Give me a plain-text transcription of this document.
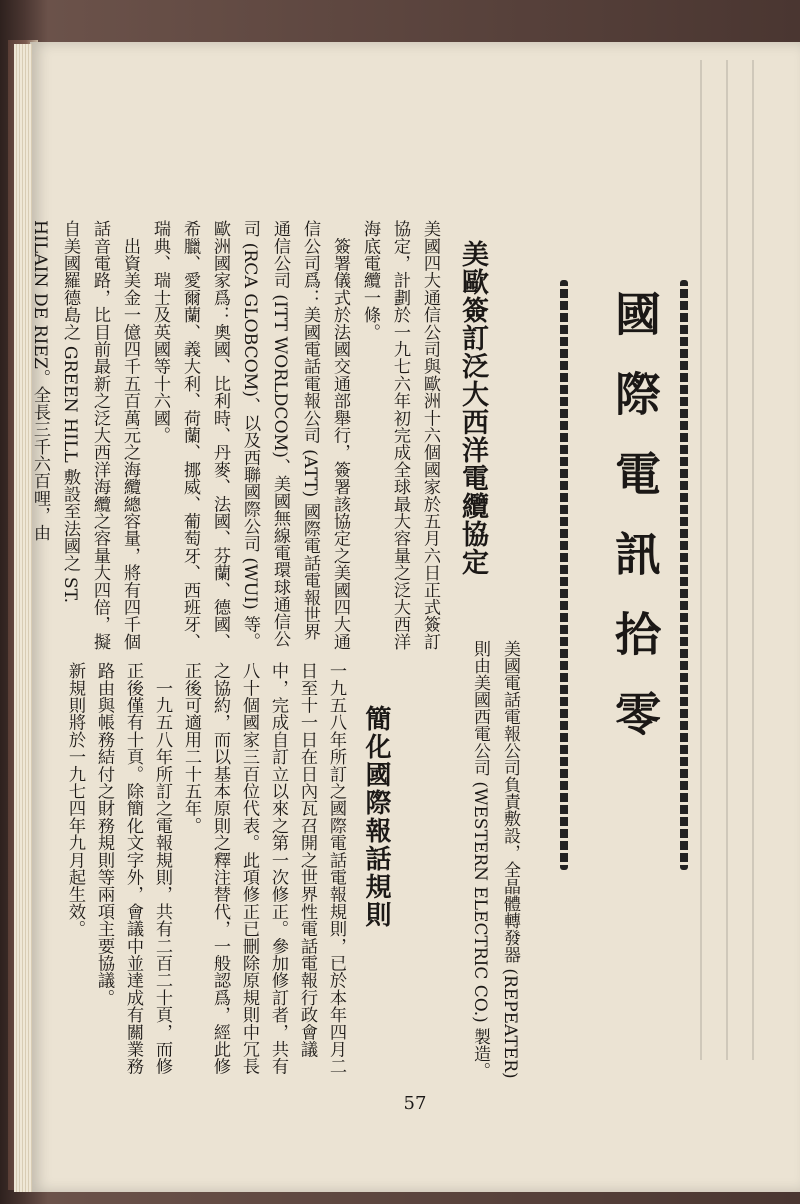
國際電訊拾零
美歐簽訂泛大西洋電纜協定
美國四大通信公司與歐洲十六個國家於五月六日正式簽訂協定，計劃於一九七六年初完成全球最大容量之泛大西洋海底電纜一條。
　簽署儀式於法國交通部舉行，簽署該協定之美國四大通信公司爲：美國電話電報公司 (ATT) 國際電話電報世界通信公司 (ITT WORLDCOM)、美國無線電環球通信公司 (RCA GLOBCOM)、以及西聯國際公司 (WUI) 等。歐洲國家爲：奧國、比利時、丹麥、法國、芬蘭、德國、希臘、愛爾蘭、義大利、荷蘭、挪威、葡萄牙、西班牙、瑞典、瑞士及英國等十六國。
　出資美金一億四千五百萬元之海纜總容量，將有四千個話音電路，比目前最新之泛大西洋海纜之容量大四倍，擬自美國羅德島之 GREEN HILL 敷設至法國之 ST. HILAIN DE RIEZ。全長三千六百哩，由
美國電話電報公司負責敷設，全晶體轉發器 (REPEATER) 則由美國西電公司 (WESTERN ELECTRIC CO.) 製造。
簡化國際報話規則
一九五八年所訂之國際電話電報規則，已於本年四月二日至十一日在日內瓦召開之世界性電話電報行政會議中，完成自訂立以來之第一次修正。參加修訂者，共有八十個國家三百位代表。此項修正已刪除原規則中冗長之協約，而以基本原則之釋注替代，一般認爲，經此修正後可適用二十五年。
　一九五八年所訂之電報規則，共有二百二十頁，而修正後僅有十頁。除簡化文字外，會議中並達成有關業務路由與帳務結付之財務規則等兩項主要協議。
新規則將於一九七四年九月起生效。
57
